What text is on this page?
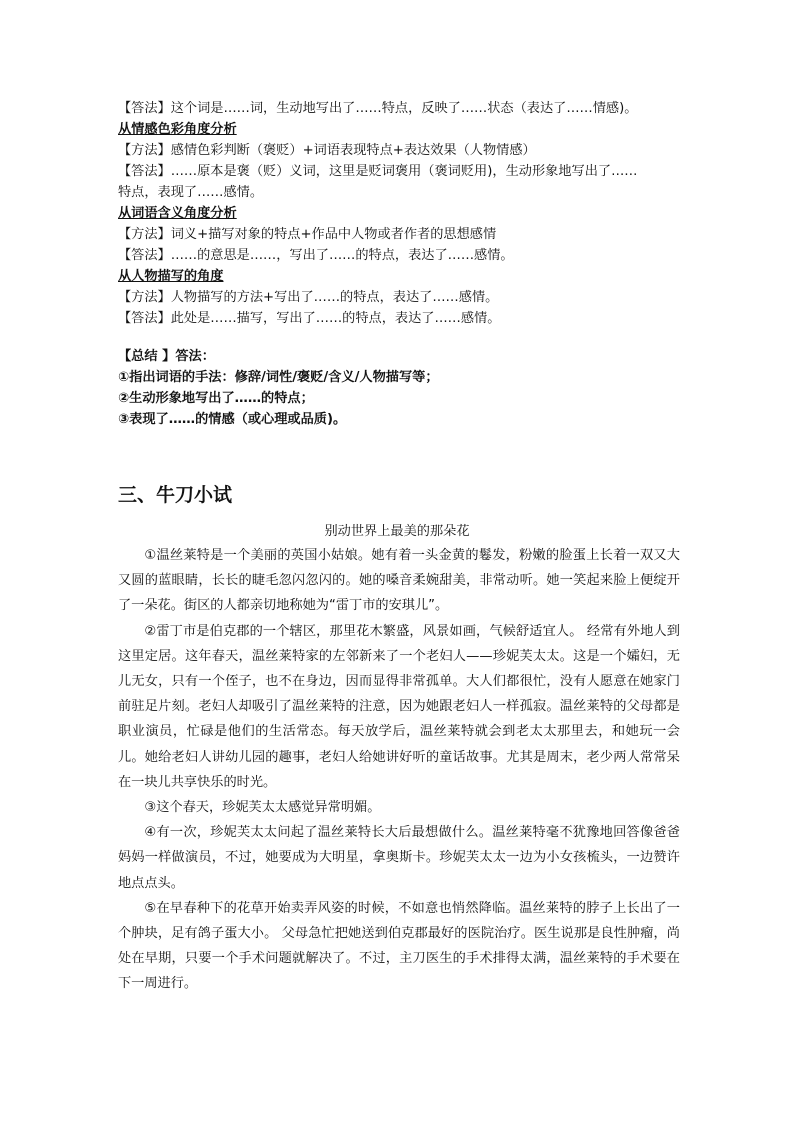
【答法】这个词是……词，生动地写出了……特点，反映了……状态（表达了……情感)。
从情感色彩角度分析
【方法】感情色彩判断（褒贬）+词语表现特点+表达效果（人物情感）
【答法】……原本是褒（贬）义词，这里是贬词褒用（褒词贬用)，生动形象地写出了……
特点，表现了……感情。
从词语含义角度分析
【方法】词义+描写对象的特点+作品中人物或者作者的思想感情
【答法】……的意思是……，写出了……的特点，表达了……感情。
从人物描写的角度
【方法】人物描写的方法+写出了……的特点，表达了……感情。
【答法】此处是……描写，写出了……的特点，表达了……感情。
【总结 】答法：
①指出词语的手法：修辞/词性/褒贬/含义/人物描写等；
②生动形象地写出了……的特点；
③表现了……的情感（或心理或品质)。
三、牛刀小试
别动世界上最美的那朵花

①温丝莱特是一个美丽的英国小姑娘。她有着一头金黄的鬈发，粉嫩的脸蛋上长着一双又大又圆的蓝眼睛，长长的睫毛忽闪忽闪的。她的嗓音柔婉甜美，非常动听。她一笑起来脸上便绽开了一朵花。街区的人都亲切地称她为“雷丁市的安琪儿”。

②雷丁市是伯克郡的一个辖区，那里花木繁盛，风景如画，气候舒适宜人。 经常有外地人到这里定居。这年春天，温丝莱特家的左邻新来了一个老妇人——珍妮芙太太。这是一个孀妇，无儿无女，只有一个侄子，也不在身边，因而显得非常孤单。大人们都很忙，没有人愿意在她家门前驻足片刻。老妇人却吸引了温丝莱特的注意，因为她跟老妇人一样孤寂。温丝莱特的父母都是职业演员，忙碌是他们的生活常态。每天放学后，温丝莱特就会到老太太那里去，和她玩一会儿。她给老妇人讲幼儿园的趣事，老妇人给她讲好听的童话故事。尤其是周末，老少两人常常呆在一块儿共享快乐的时光。

③这个春天，珍妮芙太太感觉异常明媚。

④有一次，珍妮芙太太问起了温丝莱特长大后最想做什么。温丝莱特毫不犹豫地回答像爸爸妈妈一样做演员，不过，她要成为大明星，拿奥斯卡。珍妮芙太太一边为小女孩梳头，一边赞许地点点头。

⑤在早春种下的花草开始卖弄风姿的时候，不如意也悄然降临。温丝莱特的脖子上长出了一个肿块，足有鸽子蛋大小。 父母急忙把她送到伯克郡最好的医院治疗。医生说那是良性肿瘤，尚处在早期，只要一个手术问题就解决了。不过，主刀医生的手术排得太满，温丝莱特的手术要在下一周进行。
